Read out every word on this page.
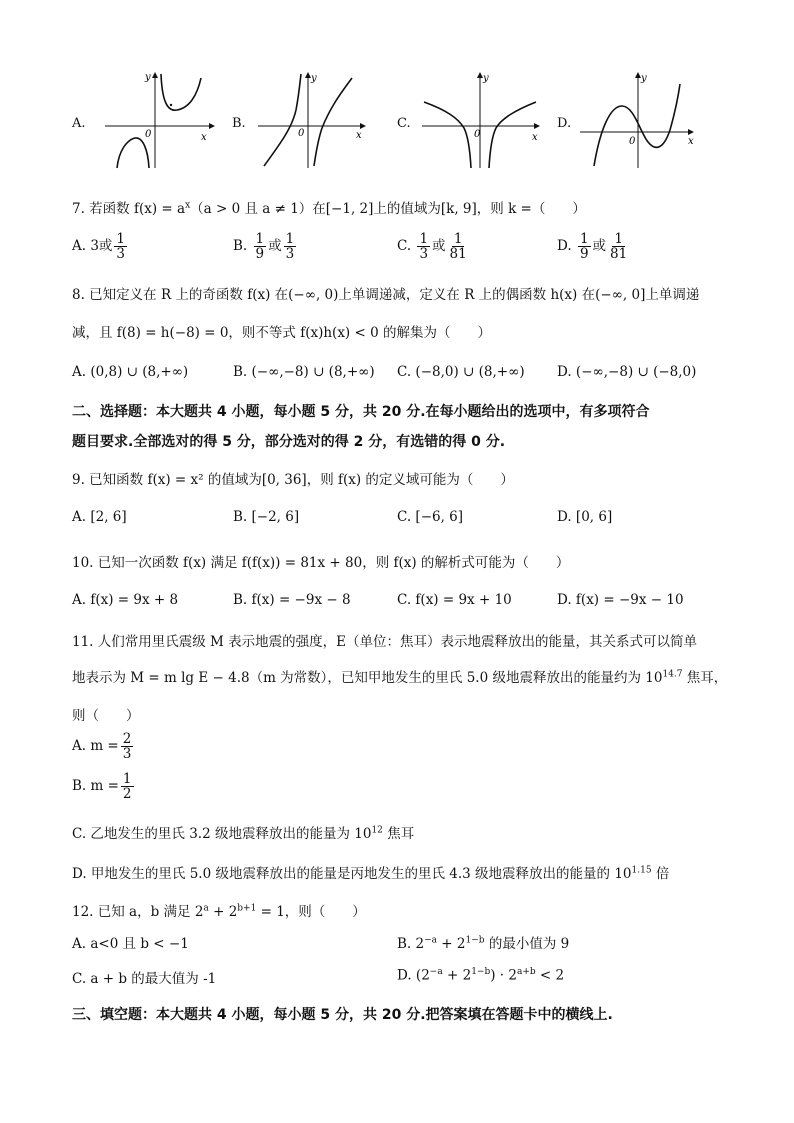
A.
y
x
0
B.
y
x
0
C.
y
x
0
D.
y
x
0
7. 若函数 $f(x) = a^x(a > 0$ 且 a ≠ 1）在[−1, 2]上的值域为[k, 9]，则 k =（　　）
A. 3或 $\frac{1}{3}$	B. $\frac{1}{9}$ 或 $\frac{1}{3}$	C. $\frac{1}{3}$ 或 $\frac{1}{81}$	D. $\frac{1}{9}$ 或 $\frac{1}{81}$
8. 已知定义在 R 上的奇函数 f(x) 在(−∞, 0)上单调递减，定义在 R 上的偶函数 h(x) 在(−∞, 0]上单调递
减，且 f(8) = h(−8) = 0，则不等式 f(x)h(x) < 0 的解集为（　　）
A. (0,8) ∪ (8,+∞)	B. (−∞,−8) ∪ (8,+∞) C. (−8,0) ∪ (8,+∞) D. (−∞,−8) ∪ (−8,0)
二、选择题：本大题共 4 小题，每小题 5 分，共 20 分.在每小题给出的选项中，有多项符合
题目要求.全部选对的得 5 分，部分选对的得 2 分，有选错的得 0 分.
9. 已知函数 f(x) = x² 的值域为[0, 36]，则 f(x) 的定义域可能为（　　）
A. [2, 6]	B. [−2, 6]	C. [−6, 6]	D. [0, 6]
10. 已知一次函数 f(x) 满足 f(f(x)) = 81x + 80，则 f(x) 的解析式可能为（　　）
A. f(x) = 9x + 8	B. f(x) = −9x − 8	C. f(x) = 9x + 10	D. f(x) = −9x − 10
11. 人们常用里氏震级 M 表示地震的强度，E（单位：焦耳）表示地震释放出的能量，其关系式可以简单
地表示为 M = m lg E − 4.8（m 为常数），已知甲地发生的里氏 5.0 级地震释放出的能量约为 $10^{14.7}$ 焦耳，
则（　　）
A. $m = \frac{2}{3}$
B. $m = \frac{1}{2}$
C. 乙地发生的里氏 3.2 级地震释放出的能量为 $10^{12}$ 焦耳
D. 甲地发生的里氏 5.0 级地震释放出的能量是丙地发生的里氏 4.3 级地震释放出的能量的 $10^{1.15}$ 倍
12. 已知 a，b 满足 $2^a + 2^{b+1} = 1$，则（　　）
A. a<0 且 b < −1	B. $2^{-a} + 2^{1-b}$ 的最小值为 9
C. a + b 的最大值为 -1	D. $(2^{-a} + 2^{1-b}) \cdot 2^{a+b} < 2$
三、填空题：本大题共 4 小题，每小题 5 分，共 20 分.把答案填在答题卡中的横线上.
